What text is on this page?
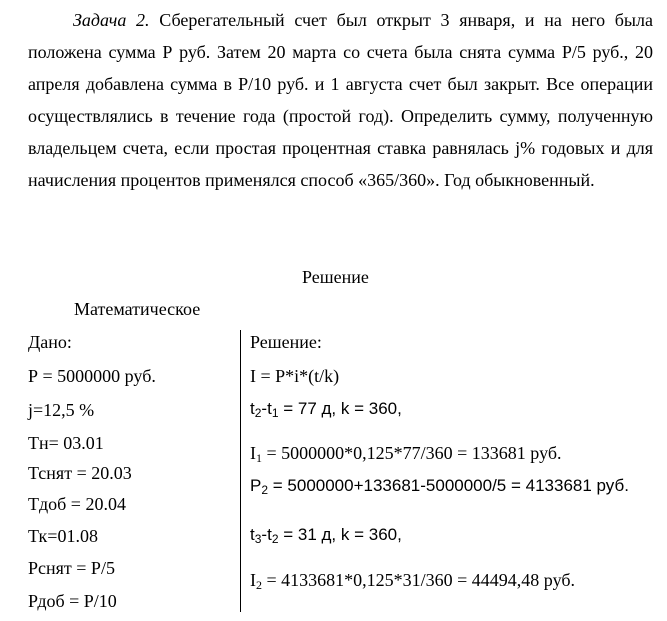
Задача 2. Сберегательный счет был открыт 3 января, и на него была положена сумма Р руб. Затем 20 марта со счета была снята сумма Р/5 руб., 20 апреля добавлена сумма в Р/10 руб. и 1 августа счет был закрыт. Все операции осуществлялись в течение года (простой год). Определить сумму, полученную владельцем счета, если простая процентная ставка равнялась j% годовых и для начисления процентов применялся способ «365/360». Год обыкновенный.
Решение
Математическое
Дано:
Р = 5000000 руб.
j=12,5 %
Тн= 03.01
Тснят = 20.03
Тдоб = 20.04
Тк=01.08
Рснят = Р/5
Рдоб = Р/10
Решение:
I = P*i*(t/k)
$t_2-t_1 = 77$ д, k = 360,
$I_1 = 5000000*0,125*77/360 = 133681$ руб.
$P_2 = 5000000+133681-5000000/5 = 4133681$ руб.
$t_3-t_2 = 31$ д, k = 360,
$I_2 = 4133681*0,125*31/360 = 44494,48$ руб.
